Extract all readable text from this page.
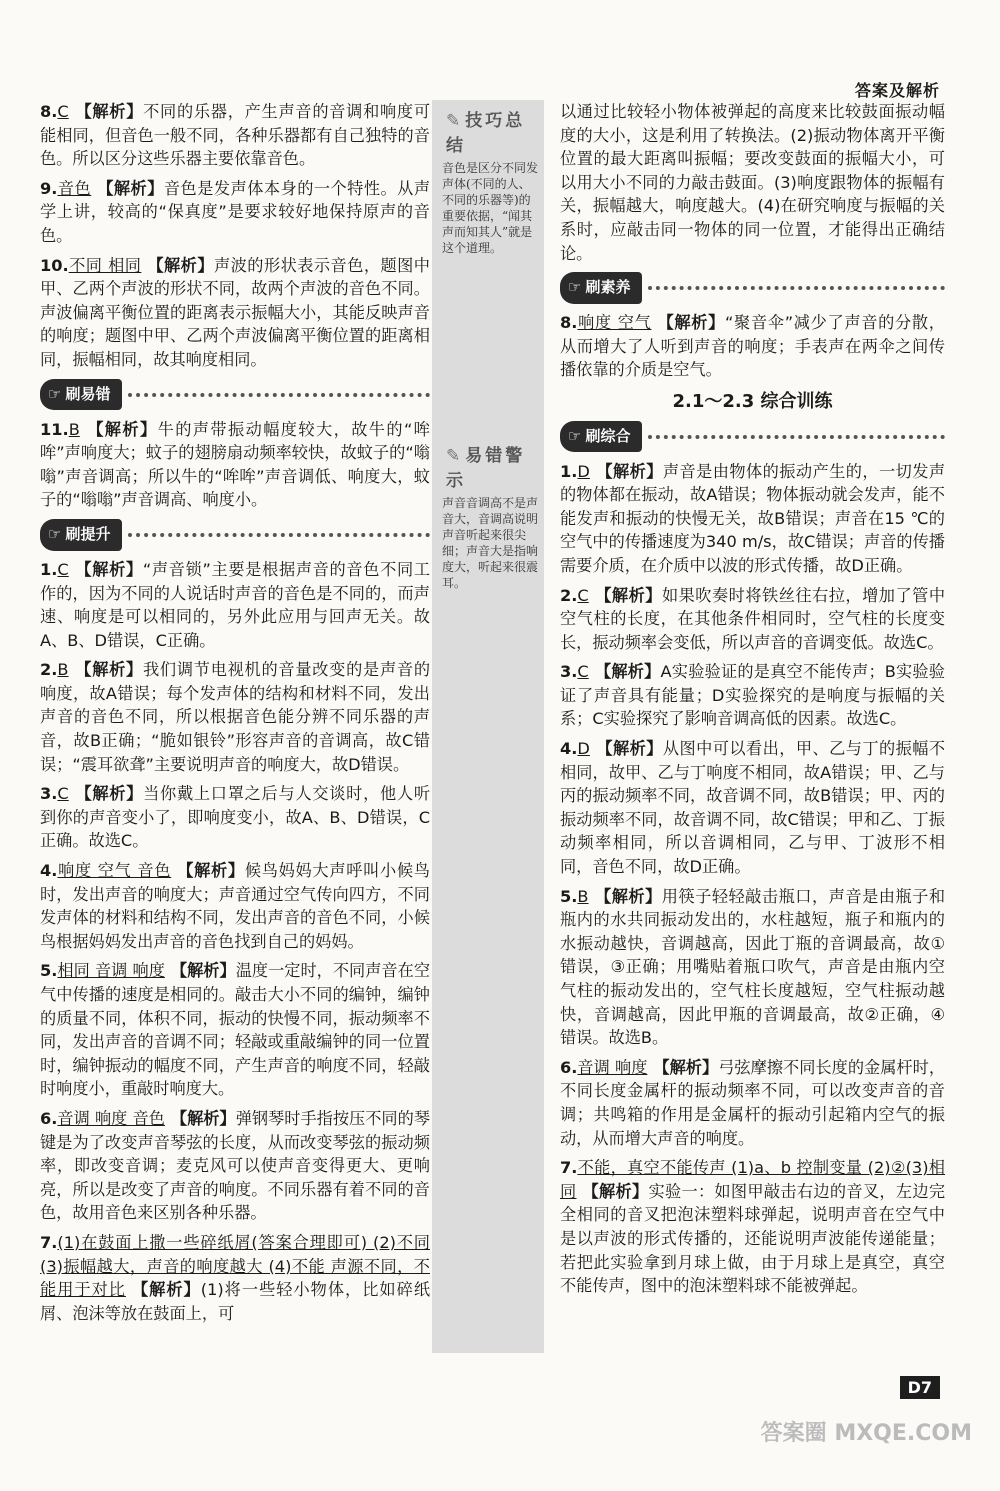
答案及解析
8.C 【解析】不同的乐器，产生声音的音调和响度可能相同，但音色一般不同，各种乐器都有自己独特的音色。所以区分这些乐器主要依靠音色。
9.音色 【解析】音色是发声体本身的一个特性。从声学上讲，较高的“保真度”是要求较好地保持原声的音色。
10.不同 相同 【解析】声波的形状表示音色，题图中甲、乙两个声波的形状不同，故两个声波的音色不同。声波偏离平衡位置的距离表示振幅大小，其能反映声音的响度；题图中甲、乙两个声波偏离平衡位置的距离相同，振幅相同，故其响度相同。
☞ 刷易错
11.B 【解析】牛的声带振动幅度较大，故牛的“哞哞”声响度大；蚊子的翅膀扇动频率较快，故蚊子的“嗡嗡”声音调高；所以牛的“哞哞”声音调低、响度大，蚊子的“嗡嗡”声音调高、响度小。
☞ 刷提升
1.C 【解析】“声音锁”主要是根据声音的音色不同工作的，因为不同的人说话时声音的音色是不同的，而声速、响度是可以相同的，另外此应用与回声无关。故A、B、D错误，C正确。
2.B 【解析】我们调节电视机的音量改变的是声音的响度，故A错误；每个发声体的结构和材料不同，发出声音的音色不同，所以根据音色能分辨不同乐器的声音，故B正确；“脆如银铃”形容声音的音调高，故C错误；“震耳欲聋”主要说明声音的响度大，故D错误。
3.C 【解析】当你戴上口罩之后与人交谈时，他人听到你的声音变小了，即响度变小，故A、B、D错误，C正确。故选C。
4.响度 空气 音色 【解析】候鸟妈妈大声呼叫小候鸟时，发出声音的响度大；声音通过空气传向四方，不同发声体的材料和结构不同，发出声音的音色不同，小候鸟根据妈妈发出声音的音色找到自己的妈妈。
5.相同 音调 响度 【解析】温度一定时，不同声音在空气中传播的速度是相同的。敲击大小不同的编钟，编钟的质量不同，体积不同，振动的快慢不同，振动频率不同，发出声音的音调不同；轻敲或重敲编钟的同一位置时，编钟振动的幅度不同，产生声音的响度不同，轻敲时响度小，重敲时响度大。
6.音调 响度 音色 【解析】弹钢琴时手指按压不同的琴键是为了改变声音琴弦的长度，从而改变琴弦的振动频率，即改变音调；麦克风可以使声音变得更大、更响亮，所以是改变了声音的响度。不同乐器有着不同的音色，故用音色来区别各种乐器。
7.(1)在鼓面上撒一些碎纸屑(答案合理即可) (2)不同 (3)振幅越大，声音的响度越大 (4)不能 声源不同，不能用于对比 【解析】(1)将一些轻小物体，比如碎纸屑、泡沫等放在鼓面上，可
✎ 技巧总结
音色是区分不同发声体(不同的人、不同的乐器等)的重要依据，“闻其声而知其人”就是这个道理。
✎ 易错警示
声音音调高不是声音大，音调高说明声音听起来很尖细；声音大是指响度大，听起来很震耳。
以通过比较轻小物体被弹起的高度来比较鼓面振动幅度的大小，这是利用了转换法。(2)振动物体离开平衡位置的最大距离叫振幅；要改变鼓面的振幅大小，可以用大小不同的力敲击鼓面。(3)响度跟物体的振幅有关，振幅越大，响度越大。(4)在研究响度与振幅的关系时，应敲击同一物体的同一位置，才能得出正确结论。
☞ 刷素养
8.响度 空气 【解析】“聚音伞”减少了声音的分散，从而增大了人听到声音的响度；手表声在两伞之间传播依靠的介质是空气。
2.1～2.3 综合训练
☞ 刷综合
1.D 【解析】声音是由物体的振动产生的，一切发声的物体都在振动，故A错误；物体振动就会发声，能不能发声和振动的快慢无关，故B错误；声音在15 ℃的空气中的传播速度为340 m/s，故C错误；声音的传播需要介质，在介质中以波的形式传播，故D正确。
2.C 【解析】如果吹奏时将铁丝往右拉，增加了管中空气柱的长度，在其他条件相同时，空气柱的长度变长，振动频率会变低，所以声音的音调变低。故选C。
3.C 【解析】A实验验证的是真空不能传声；B实验验证了声音具有能量；D实验探究的是响度与振幅的关系；C实验探究了影响音调高低的因素。故选C。
4.D 【解析】从图中可以看出，甲、乙与丁的振幅不相同，故甲、乙与丁响度不相同，故A错误；甲、乙与丙的振动频率不同，故音调不同，故B错误；甲、丙的振动频率不同，故音调不同，故C错误；甲和乙、丁振动频率相同，所以音调相同，乙与甲、丁波形不相同，音色不同，故D正确。
5.B 【解析】用筷子轻轻敲击瓶口，声音是由瓶子和瓶内的水共同振动发出的，水柱越短，瓶子和瓶内的水振动越快，音调越高，因此丁瓶的音调最高，故①错误，③正确；用嘴贴着瓶口吹气，声音是由瓶内空气柱的振动发出的，空气柱长度越短，空气柱振动越快，音调越高，因此甲瓶的音调最高，故②正确，④错误。故选B。
6.音调 响度 【解析】弓弦摩擦不同长度的金属杆时，不同长度金属杆的振动频率不同，可以改变声音的音调；共鸣箱的作用是金属杆的振动引起箱内空气的振动，从而增大声音的响度。
7.不能，真空不能传声 (1)a、b 控制变量 (2)②(3)相同 【解析】实验一：如图甲敲击右边的音叉，左边完全相同的音叉把泡沫塑料球弹起，说明声音在空气中是以声波的形式传播的，还能说明声波能传递能量；若把此实验拿到月球上做，由于月球上是真空，真空不能传声，图中的泡沫塑料球不能被弹起。
D7
答案圈 MXQE.COM
